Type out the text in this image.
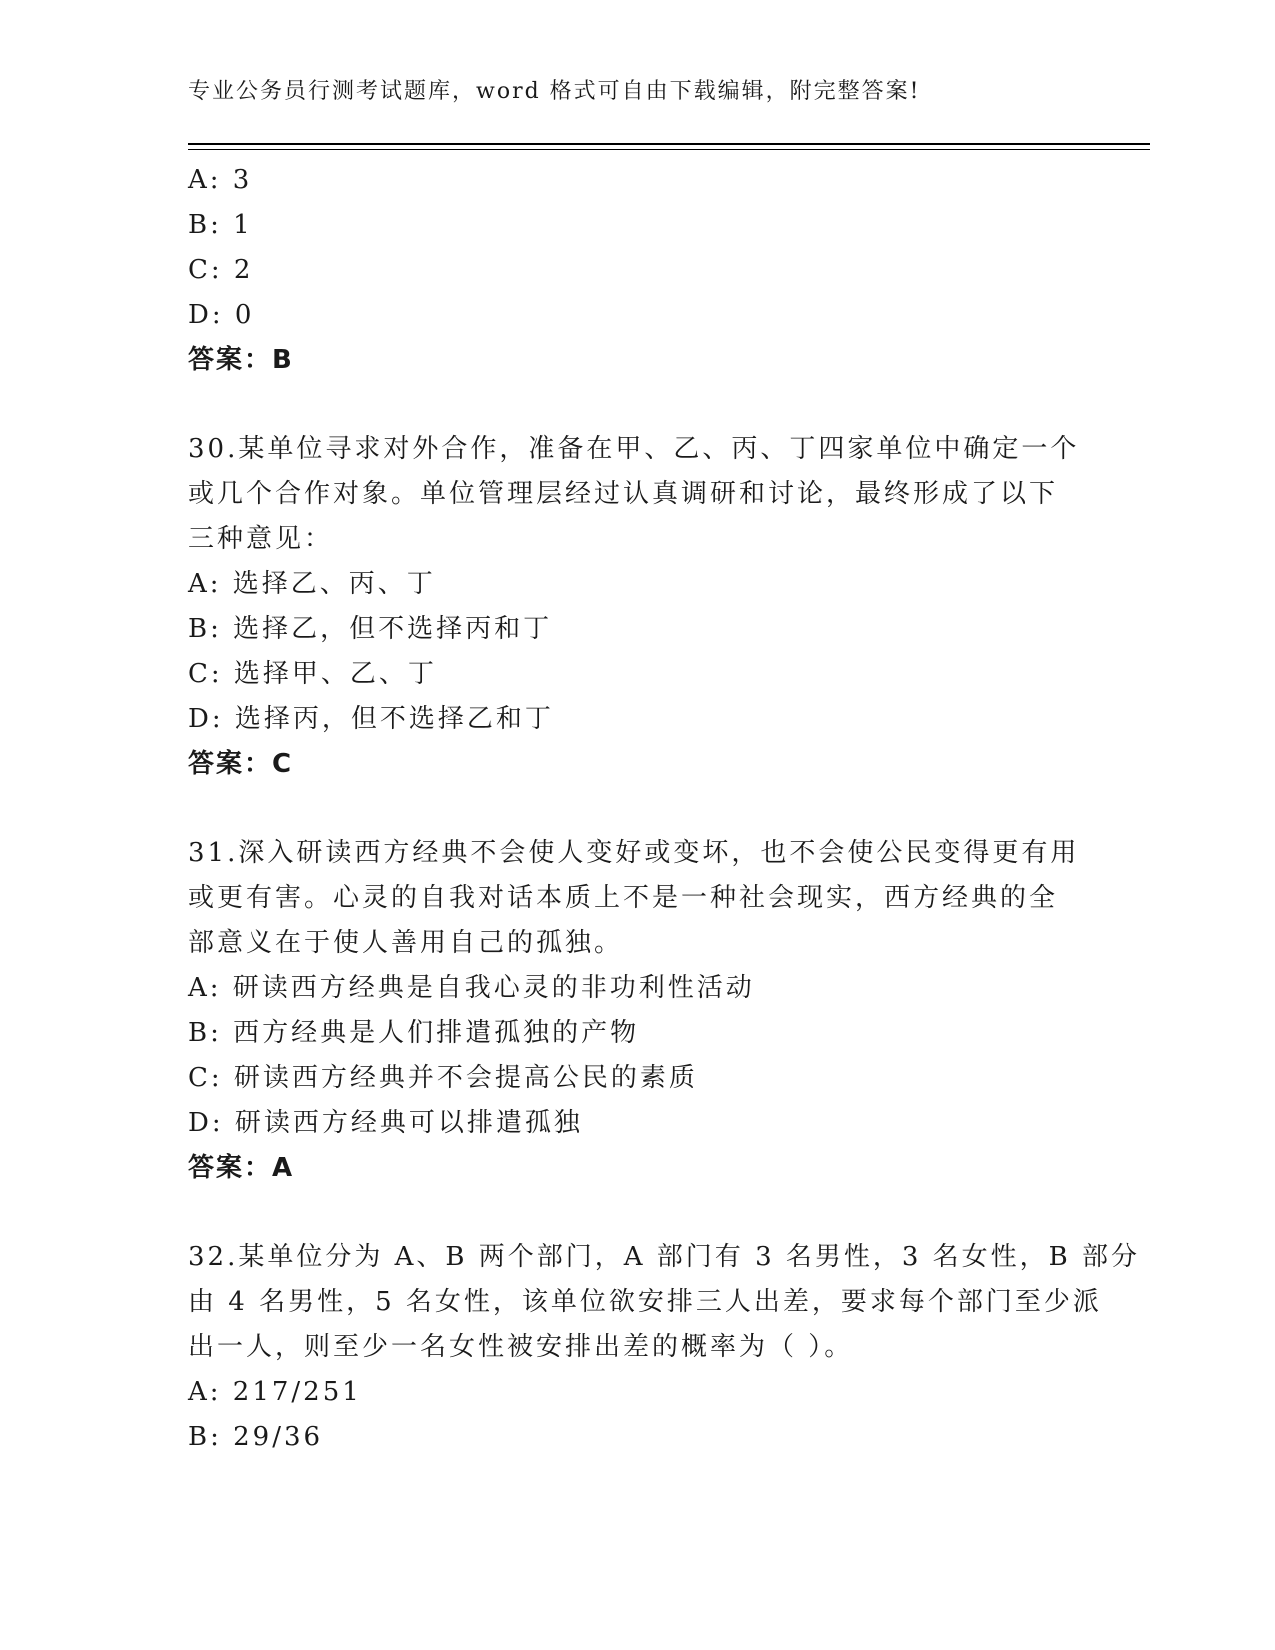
专业公务员行测考试题库，word 格式可自由下载编辑，附完整答案!
A: 3
B: 1
C: 2
D: 0
答案：B
30.某单位寻求对外合作，准备在甲、乙、丙、丁四家单位中确定一个
或几个合作对象。单位管理层经过认真调研和讨论，最终形成了以下
三种意见：
A: 选择乙、丙、丁
B: 选择乙，但不选择丙和丁
C: 选择甲、乙、丁
D: 选择丙，但不选择乙和丁
答案：C
31.深入研读西方经典不会使人变好或变坏，也不会使公民变得更有用
或更有害。心灵的自我对话本质上不是一种社会现实，西方经典的全
部意义在于使人善用自己的孤独。
A: 研读西方经典是自我心灵的非功利性活动
B: 西方经典是人们排遣孤独的产物
C: 研读西方经典并不会提高公民的素质
D: 研读西方经典可以排遣孤独
答案：A
32.某单位分为 A、B 两个部门，A 部门有 3 名男性，3 名女性，B 部分
由 4 名男性，5 名女性，该单位欲安排三人出差，要求每个部门至少派
出一人，则至少一名女性被安排出差的概率为（ ）。
A: 217/251
B: 29/36
